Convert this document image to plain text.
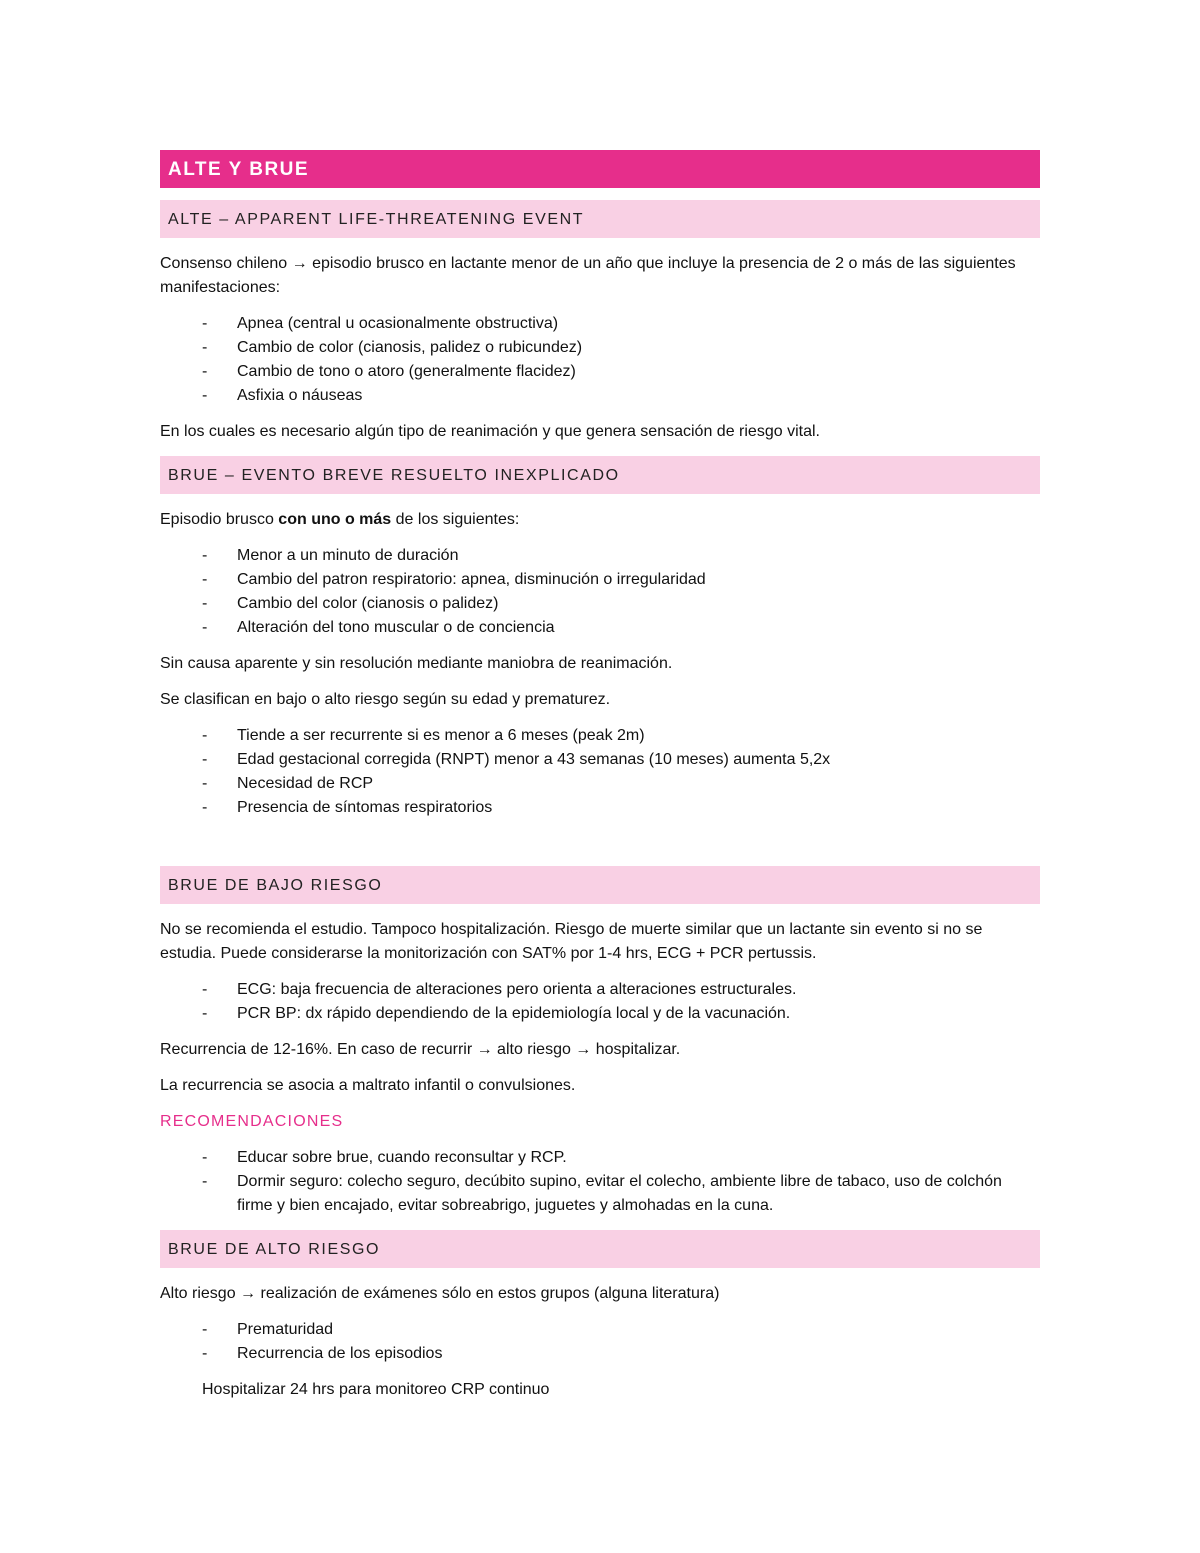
ALTE Y BRUE
ALTE – APPARENT LIFE-THREATENING EVENT

Consenso chileno → episodio brusco en lactante menor de un año que incluye la presencia de 2 o más de las siguientes manifestaciones:

- Apnea (central u ocasionalmente obstructiva)
- Cambio de color (cianosis, palidez o rubicundez)
- Cambio de tono o atoro (generalmente flacidez)
- Asfixia o náuseas

En los cuales es necesario algún tipo de reanimación y que genera sensación de riesgo vital.

BRUE – EVENTO BREVE RESUELTO INEXPLICADO

Episodio brusco con uno o más de los siguientes:

- Menor a un minuto de duración
- Cambio del patron respiratorio: apnea, disminución o irregularidad
- Cambio del color (cianosis o palidez)
- Alteración del tono muscular o de conciencia

Sin causa aparente y sin resolución mediante maniobra de reanimación.

Se clasifican en bajo o alto riesgo según su edad y prematurez.

- Tiende a ser recurrente si es menor a 6 meses (peak 2m)
- Edad gestacional corregida (RNPT) menor a 43 semanas (10 meses) aumenta 5,2x
- Necesidad de RCP
- Presencia de síntomas respiratorios
BRUE DE BAJO RIESGO

No se recomienda el estudio. Tampoco hospitalización. Riesgo de muerte similar que un lactante sin evento si no se estudia. Puede considerarse la monitorización con SAT% por 1-4 hrs, ECG + PCR pertussis.

- ECG: baja frecuencia de alteraciones pero orienta a alteraciones estructurales.
- PCR BP: dx rápido dependiendo de la epidemiología local y de la vacunación.

Recurrencia de 12-16%. En caso de recurrir → alto riesgo → hospitalizar.

La recurrencia se asocia a maltrato infantil o convulsiones.

RECOMENDACIONES
- Educar sobre brue, cuando reconsultar y RCP.
- Dormir seguro: colecho seguro, decúbito supino, evitar el colecho, ambiente libre de tabaco, uso de colchón firme y bien encajado, evitar sobreabrigo, juguetes y almohadas en la cuna.
BRUE DE ALTO RIESGO

Alto riesgo → realización de exámenes sólo en estos grupos (alguna literatura)

- Prematuridad
- Recurrencia de los episodios

Hospitalizar 24 hrs para monitoreo CRP continuo
